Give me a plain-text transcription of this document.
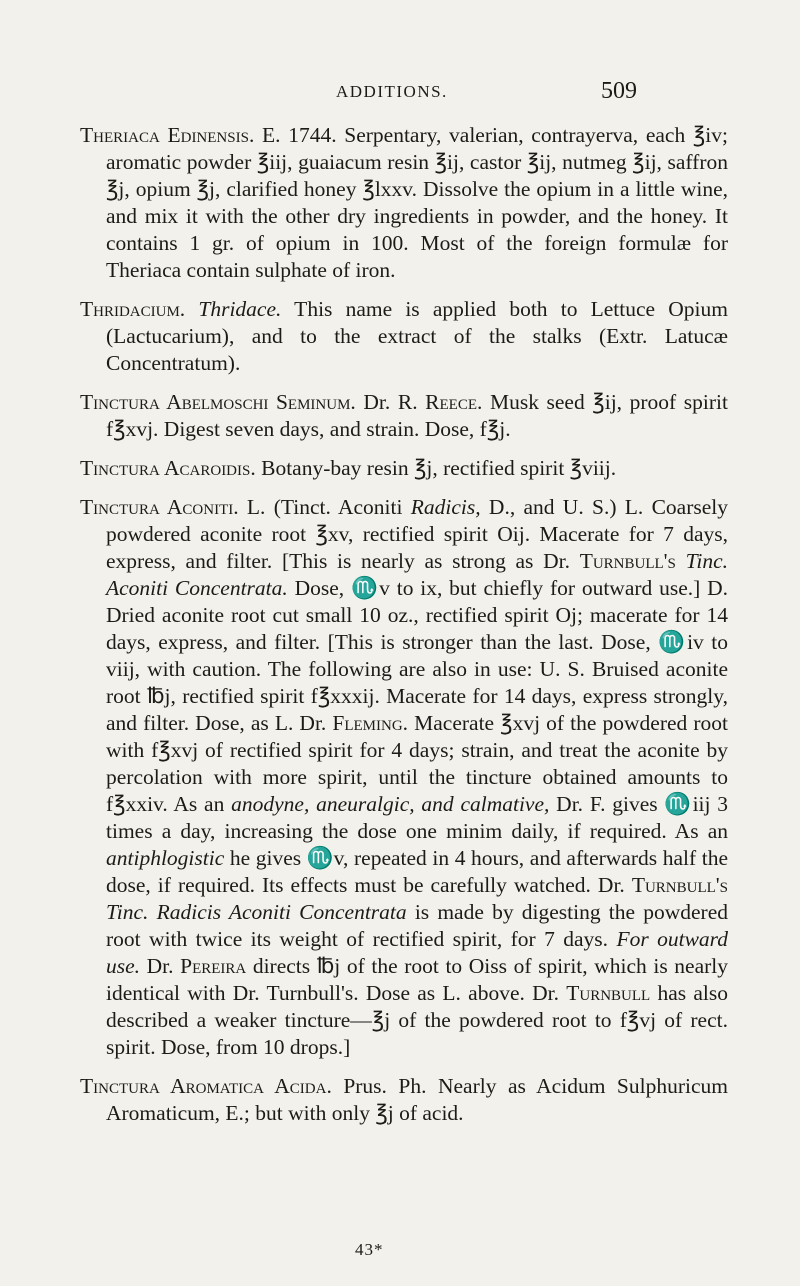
ADDITIONS.	509

Theriaca Edinensis. E. 1744. Serpentary, valerian, contrayerva, each ℥iv; aromatic powder ℥iij, guaiacum resin ℥ij, castor ℥ij, nutmeg ℥ij, saffron ℥j, opium ℥j, clarified honey ℥lxxv. Dissolve the opium in a little wine, and mix it with the other dry ingredients in powder, and the honey. It contains 1 gr. of opium in 100. Most of the foreign formulæ for Theriaca contain sulphate of iron.

Thridacium. Thridace. This name is applied both to Lettuce Opium (Lactucarium), and to the extract of the stalks (Extr. Latucæ Concentratum).

Tinctura Abelmoschi Seminum. Dr. R. Reece. Musk seed ℥ij, proof spirit f℥xvj. Digest seven days, and strain. Dose, f℥j.

Tinctura Acaroidis. Botany-bay resin ℥j, rectified spirit ℥viij.

Tinctura Aconiti. L. (Tinct. Aconiti Radicis, D., and U. S.) L. Coarsely powdered aconite root ℥xv, rectified spirit Oij. Macerate for 7 days, express, and filter. [This is nearly as strong as Dr. Turnbull's Tinc. Aconiti Concentrata. Dose, ♏v to ix, but chiefly for outward use.] D. Dried aconite root cut small 10 oz., rectified spirit Oj; macerate for 14 days, express, and filter. [This is stronger than the last. Dose, ♏iv to viij, with caution. The following are also in use: U. S. Bruised aconite root ℔j, rectified spirit f℥xxxij. Macerate for 14 days, express strongly, and filter. Dose, as L. Dr. Fleming. Macerate ℥xvj of the powdered root with f℥xvj of rectified spirit for 4 days; strain, and treat the aconite by percolation with more spirit, until the tincture obtained amounts to f℥xxiv. As an anodyne, aneuralgic, and calmative, Dr. F. gives ♏iij 3 times a day, increasing the dose one minim daily, if required. As an antiphlogistic he gives ♏v, repeated in 4 hours, and afterwards half the dose, if required. Its effects must be carefully watched. Dr. Turnbull's Tinc. Radicis Aconiti Concentrata is made by digesting the powdered root with twice its weight of rectified spirit, for 7 days. For outward use. Dr. Pereira directs ℔j of the root to Oiss of spirit, which is nearly identical with Dr. Turnbull's. Dose as L. above. Dr. Turnbull has also described a weaker tincture—℥j of the powdered root to f℥vj of rect. spirit. Dose, from 10 drops.]

Tinctura Aromatica Acida. Prus. Ph. Nearly as Acidum Sulphuricum Aromaticum, E.; but with only ℥j of acid.

43*
